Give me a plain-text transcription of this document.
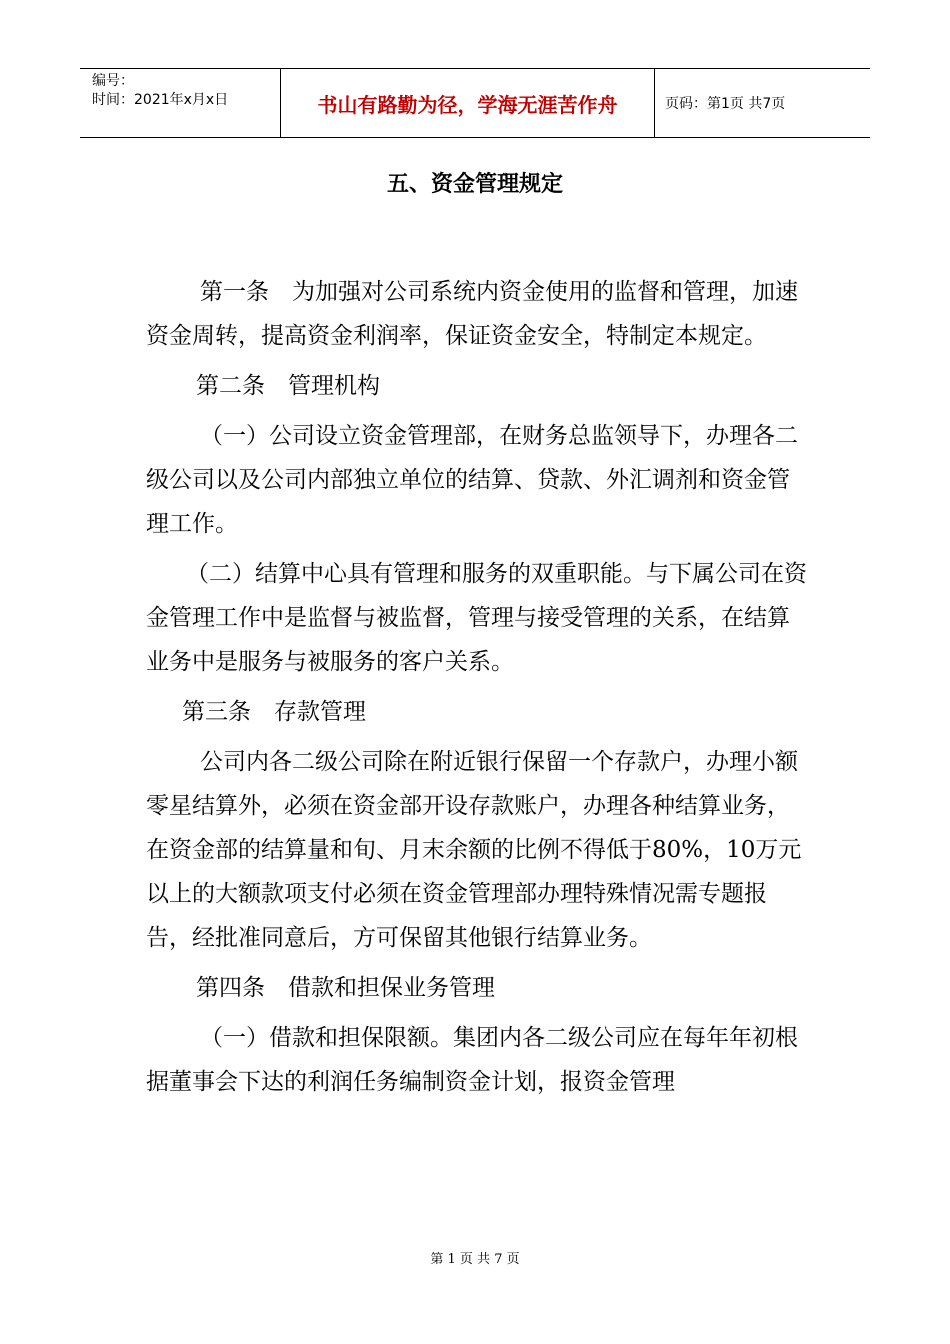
编号：
时间：2021年x月x日	书山有路勤为径，学海无涯苦作舟	页码：第1页 共7页
五、资金管理规定

第一条　为加强对公司系统内资金使用的监督和管理，加速资金周转，提高资金利润率，保证资金安全，特制定本规定。

第二条　管理机构

（一）公司设立资金管理部，在财务总监领导下，办理各二级公司以及公司内部独立单位的结算、贷款、外汇调剂和资金管理工作。

（二）结算中心具有管理和服务的双重职能。与下属公司在资金管理工作中是监督与被监督，管理与接受管理的关系，在结算业务中是服务与被服务的客户关系。

第三条　存款管理

公司内各二级公司除在附近银行保留一个存款户，办理小额零星结算外，必须在资金部开设存款账户，办理各种结算业务，在资金部的结算量和旬、月末余额的比例不得低于80%，10万元以上的大额款项支付必须在资金管理部办理特殊情况需专题报告，经批准同意后，方可保留其他银行结算业务。

第四条　借款和担保业务管理

（一）借款和担保限额。集团内各二级公司应在每年年初根据董事会下达的利润任务编制资金计划，报资金管理

第 1 页 共 7 页
